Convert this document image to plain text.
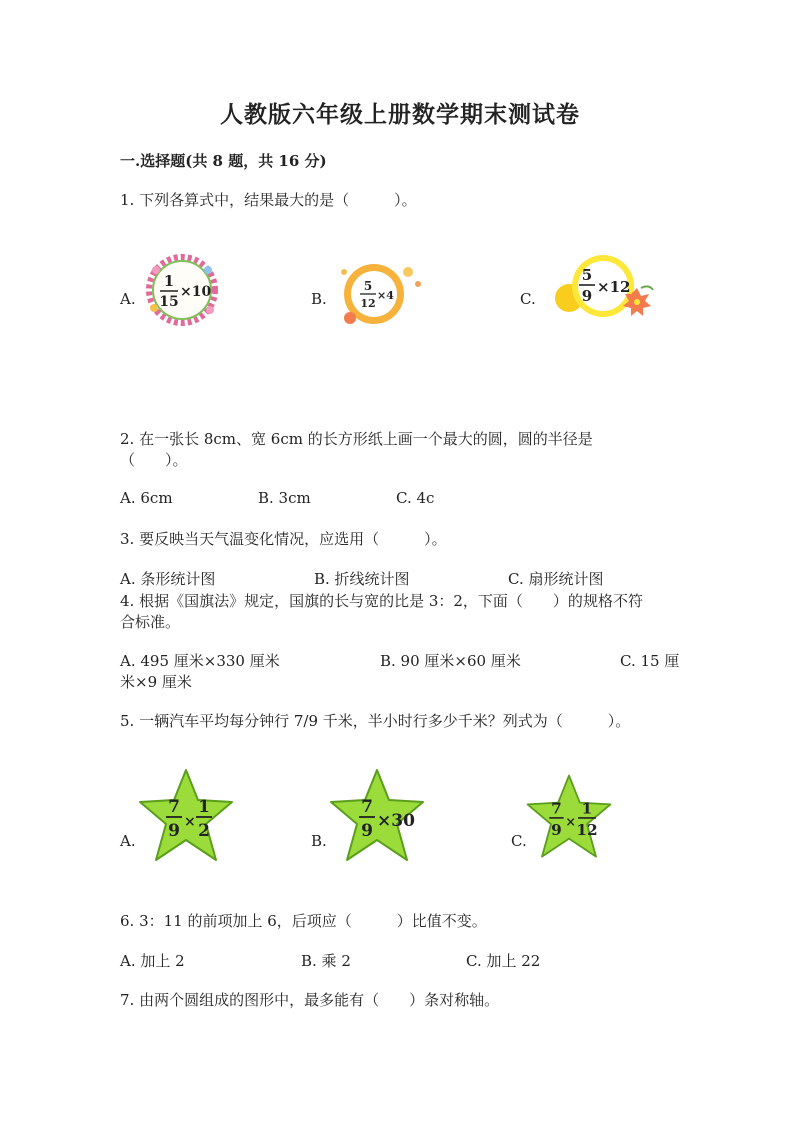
人教版六年级上册数学期末测试卷
一.选择题(共 8 题，共 16 分)
1. 下列各算式中，结果最大的是（　　　）。
A.
1
15
×10	B.
5
12
×4	C.
5
9 ×12
2. 在一张长 8cm、宽 6cm 的长方形纸上画一个最大的圆，圆的半径是
（　　）。
A. 6cm	B. 3cm	C. 4c
3. 要反映当天气温变化情况，应选用（　　　）。
A. 条形统计图	B. 折线统计图	C. 扇形统计图
4. 根据《国旗法》规定，国旗的长与宽的比是 3：2，下面（　　）的规格不符
合标准。
A. 495 厘米×330 厘米	B. 90 厘米×60 厘米	C. 15 厘
米×9 厘米
5. 一辆汽车平均每分钟行 7/9 千米，半小时行多少千米？列式为（　　　）。
A.
7
9 ×
1
2	B.
7
9 ×30
C.
7
9 ×
1
12
6. 3：11 的前项加上 6，后项应（　　　）比值不变。
A. 加上 2	B. 乘 2	C. 加上 22
7. 由两个圆组成的图形中，最多能有（　　）条对称轴。
